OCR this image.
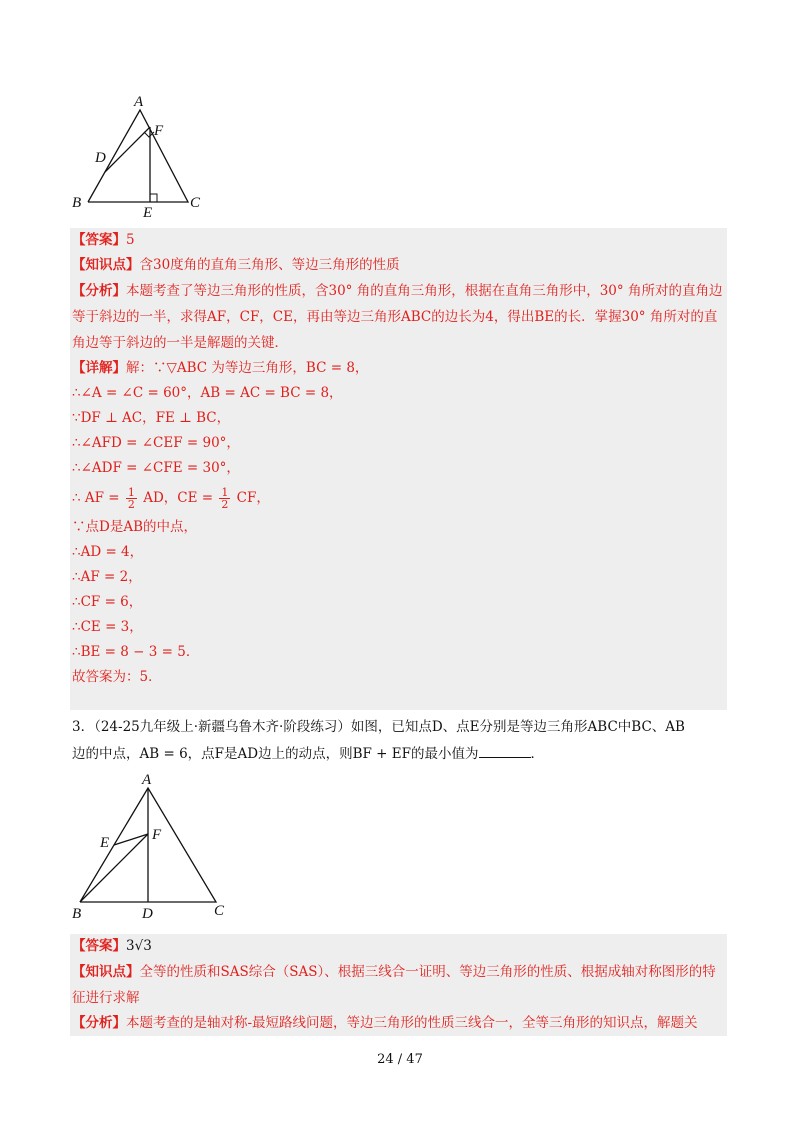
A
F
D
B	C
E
【答案】5
【知识点】含30度角的直角三角形、等边三角形的性质
【分析】本题考查了等边三角形的性质，含30° 角的直角三角形，根据在直角三角形中，30° 角所对的直角边等于斜边的一半，求得AF，CF，CE，再由等边三角形ABC的边长为4，得出BE的长．掌握30° 角所对的直角边等于斜边的一半是解题的关键．
【详解】解：∵▽ABC 为等边三角形，BC = 8，
∴∠A = ∠C = 60°，AB = AC = BC = 8，
∵DF ⊥ AC，FE ⊥ BC，
∴∠AFD = ∠CEF = 90°，
∴∠ADF = ∠CFE = 30°，
∴ AF = $\frac{1}{2}$ AD，CE = $\frac{1}{2}$ CF，
∵点D是AB的中点，
∴AD = 4，
∴AF = 2，
∴CF = 6，
∴CE = 3，
∴BE = 8 − 3 = 5．
故答案为：5．
3．（24-25九年级上·新疆乌鲁木齐·阶段练习）如图，已知点D、点E分别是等边三角形ABC中BC、AB
边的中点，AB = 6，点F是AD边上的动点，则BF + EF的最小值为	．
A
F
E
B	D	C
【答案】3√3
【知识点】全等的性质和SAS综合（SAS）、根据三线合一证明、等边三角形的性质、根据成轴对称图形的特征进行求解
【分析】本题考查的是轴对称-最短路线问题，等边三角形的性质三线合一，全等三角形的知识点，解题关
24 / 47
